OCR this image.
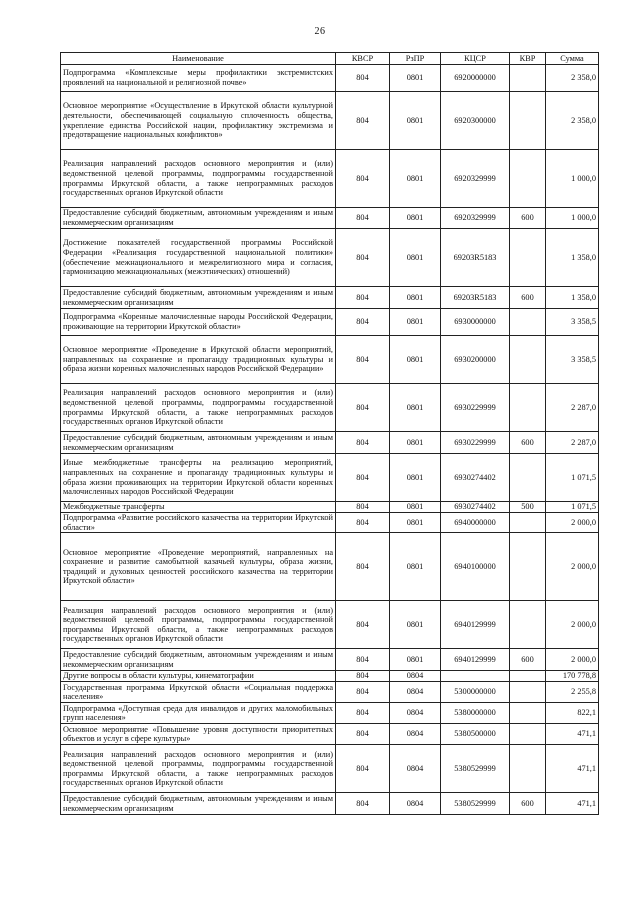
26
Наименование	КВСР	РзПР	КЦСР	КВР	Сумма
Подпрограмма «Комплексные меры профилактики экстремистских проявлений на национальной и религиозной почве»	804	0801	6920000000		2 358,0
Основное мероприятие «Осуществление в Иркутской области культурной деятельности, обеспечивающей социальную сплоченность общества, укрепление единства Российской нации, профилактику экстремизма и предотвращение национальных конфликтов»	804	0801	6920300000		2 358,0
Реализация направлений расходов основного мероприятия и (или) ведомственной целевой программы, подпрограммы государственной программы Иркутской области, а также непрограммных расходов государственных органов Иркутской области	804	0801	6920329999		1 000,0
Предоставление субсидий бюджетным, автономным учреждениям и иным некоммерческим организациям	804	0801	6920329999	600	1 000,0
Достижение показателей государственной программы Российской Федерации «Реализация государственной национальной политики» (обеспечение межнационального и межрелигиозного мира и согласия, гармонизацию межнациональных (межэтнических) отношений)	804	0801	69203R5183		1 358,0
Предоставление субсидий бюджетным, автономным учреждениям и иным некоммерческим организациям	804	0801	69203R5183	600	1 358,0
Подпрограмма «Коренные малочисленные народы Российской Федерации, проживающие на территории Иркутской области»	804	0801	6930000000		3 358,5
Основное мероприятие «Проведение в Иркутской области мероприятий, направленных на сохранение и пропаганду традиционных культуры и образа жизни коренных малочисленных народов Российской Федерации»	804	0801	6930200000		3 358,5
Реализация направлений расходов основного мероприятия и (или) ведомственной целевой программы, подпрограммы государственной программы Иркутской области, а также непрограммных расходов государственных органов Иркутской области	804	0801	6930229999		2 287,0
Предоставление субсидий бюджетным, автономным учреждениям и иным некоммерческим организациям	804	0801	6930229999	600	2 287,0
Иные межбюджетные трансферты на реализацию мероприятий, направленных на сохранение и пропаганду традиционных культуры и образа жизни проживающих на территории Иркутской области коренных малочисленных народов Российской Федерации	804	0801	6930274402		1 071,5
Межбюджетные трансферты	804	0801	6930274402	500	1 071,5
Подпрограмма «Развитие российского казачества на территории Иркутской области»	804	0801	6940000000		2 000,0
Основное мероприятие «Проведение мероприятий, направленных на сохранение и развитие самобытной казачьей культуры, образа жизни, традиций и духовных ценностей российского казачества на территории Иркутской области»	804	0801	6940100000		2 000,0
Реализация направлений расходов основного мероприятия и (или) ведомственной целевой программы, подпрограммы государственной программы Иркутской области, а также непрограммных расходов государственных органов Иркутской области	804	0801	6940129999		2 000,0
Предоставление субсидий бюджетным, автономным учреждениям и иным некоммерческим организациям	804	0801	6940129999	600	2 000,0
Другие вопросы в области культуры, кинематографии	804	0804			170 778,8
Государственная программа Иркутской области «Социальная поддержка населения»	804	0804	5300000000		2 255,8
Подпрограмма «Доступная среда для инвалидов и других маломобильных групп населения»	804	0804	5380000000		822,1
Основное мероприятие «Повышение уровня доступности приоритетных объектов и услуг в сфере культуры»	804	0804	5380500000		471,1
Реализация направлений расходов основного мероприятия и (или) ведомственной целевой программы, подпрограммы государственной программы Иркутской области, а также непрограммных расходов государственных органов Иркутской области	804	0804	5380529999		471,1
Предоставление субсидий бюджетным, автономным учреждениям и иным некоммерческим организациям	804	0804	5380529999	600	471,1
